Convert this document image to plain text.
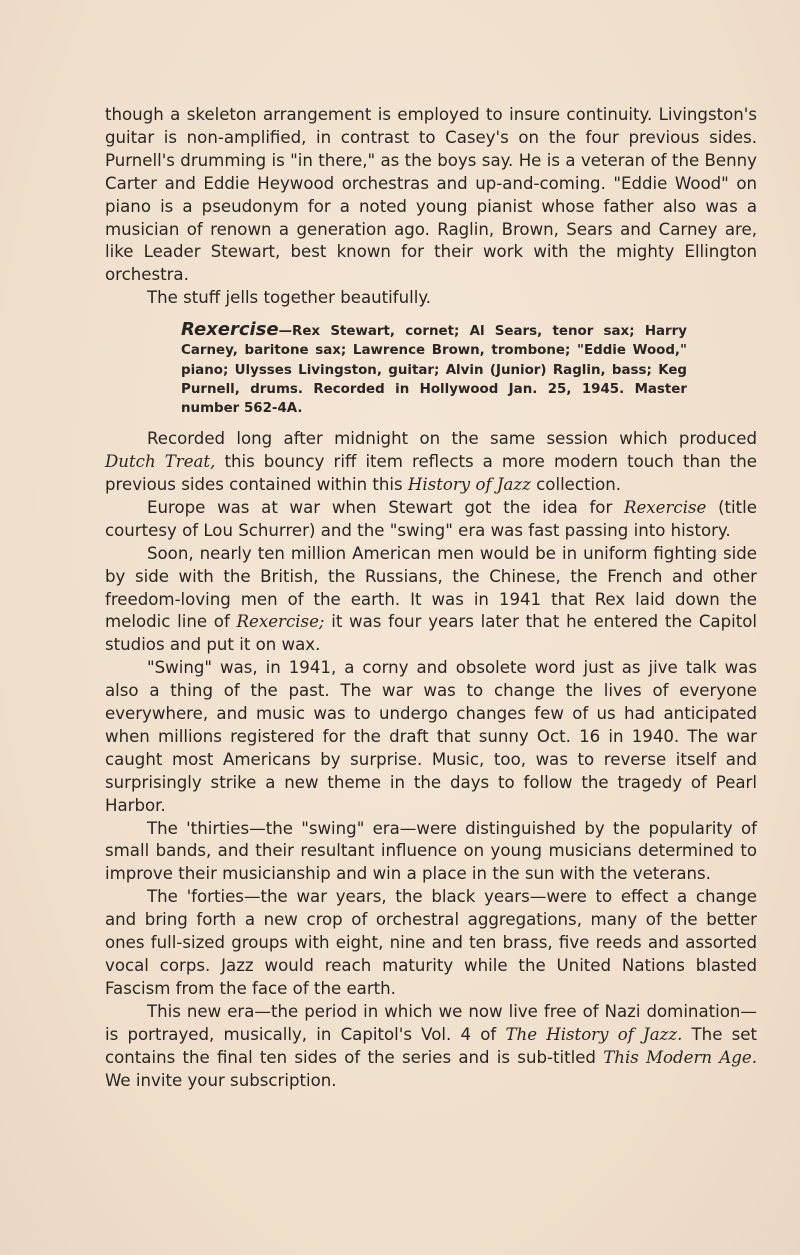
though a skeleton arrangement is employed to insure continuity. Livingston's guitar is non-amplified, in contrast to Casey's on the four previous sides. Purnell's drumming is "in there," as the boys say. He is a veteran of the Benny Carter and Eddie Heywood orchestras and up-and-coming. "Eddie Wood" on piano is a pseudonym for a noted young pianist whose father also was a musician of renown a generation ago. Raglin, Brown, Sears and Carney are, like Leader Stewart, best known for their work with the mighty Ellington orchestra.

The stuff jells together beautifully.

Rexercise—Rex Stewart, cornet; Al Sears, tenor sax; Harry Carney, baritone sax; Lawrence Brown, trombone; "Eddie Wood," piano; Ulysses Livingston, guitar; Alvin (Junior) Raglin, bass; Keg Purnell, drums. Recorded in Hollywood Jan. 25, 1945. Master number 562-4A.

Recorded long after midnight on the same session which produced Dutch Treat, this bouncy riff item reflects a more modern touch than the previous sides contained within this History of Jazz collection.

Europe was at war when Stewart got the idea for Rexercise (title courtesy of Lou Schurrer) and the "swing" era was fast passing into history.

Soon, nearly ten million American men would be in uniform fighting side by side with the British, the Russians, the Chinese, the French and other freedom-loving men of the earth. It was in 1941 that Rex laid down the melodic line of Rexercise; it was four years later that he entered the Capitol studios and put it on wax.

"Swing" was, in 1941, a corny and obsolete word just as jive talk was also a thing of the past. The war was to change the lives of everyone everywhere, and music was to undergo changes few of us had anticipated when millions registered for the draft that sunny Oct. 16 in 1940. The war caught most Americans by surprise. Music, too, was to reverse itself and surprisingly strike a new theme in the days to follow the tragedy of Pearl Harbor.

The 'thirties—the "swing" era—were distinguished by the popularity of small bands, and their resultant influence on young musicians determined to improve their musicianship and win a place in the sun with the veterans.

The 'forties—the war years, the black years—were to effect a change and bring forth a new crop of orchestral aggregations, many of the better ones full-sized groups with eight, nine and ten brass, five reeds and assorted vocal corps. Jazz would reach maturity while the United Nations blasted Fascism from the face of the earth.

This new era—the period in which we now live free of Nazi domination—is portrayed, musically, in Capitol's Vol. 4 of The History of Jazz. The set contains the final ten sides of the series and is sub-titled This Modern Age. We invite your subscription.
